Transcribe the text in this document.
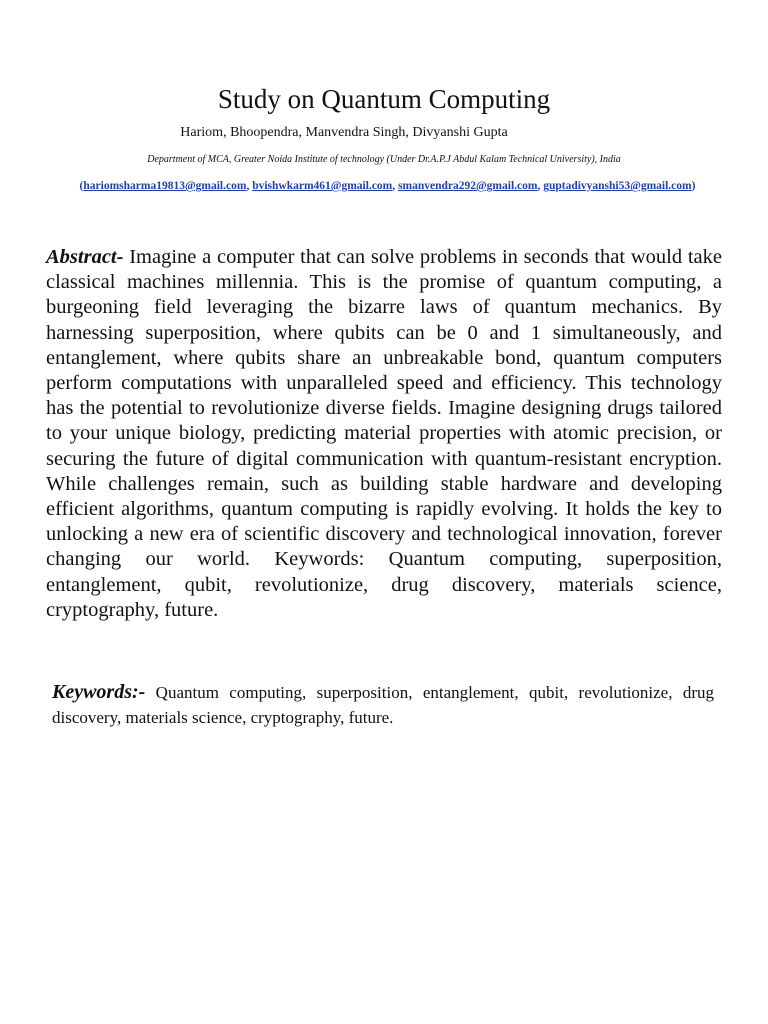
Study on Quantum Computing
Hariom, Bhoopendra, Manvendra Singh, Divyanshi Gupta
Department of MCA, Greater Noida Institute of technology (Under Dr.A.P.J Abdul Kalam Technical University), India
(hariomsharma19813@gmail.com, bvishwkarm461@gmail.com, smanvendra292@gmail.com, guptadivyanshi53@gmail.com)

Abstract- Imagine a computer that can solve problems in seconds that would take classical machines millennia. This is the promise of quantum computing, a burgeoning field leveraging the bizarre laws of quantum mechanics. By harnessing superposition, where qubits can be 0 and 1 simultaneously, and entanglement, where qubits share an unbreakable bond, quantum computers perform computations with unparalleled speed and efficiency. This technology has the potential to revolutionize diverse fields. Imagine designing drugs tailored to your unique biology, predicting material properties with atomic precision, or securing the future of digital communication with quantum-resistant encryption. While challenges remain, such as building stable hardware and developing efficient algorithms, quantum computing is rapidly evolving. It holds the key to unlocking a new era of scientific discovery and technological innovation, forever changing our world. Keywords: Quantum computing, superposition, entanglement, qubit, revolutionize, drug discovery, materials science, cryptography, future.

Keywords:- Quantum computing, superposition, entanglement, qubit, revolutionize, drug discovery, materials science, cryptography, future.
